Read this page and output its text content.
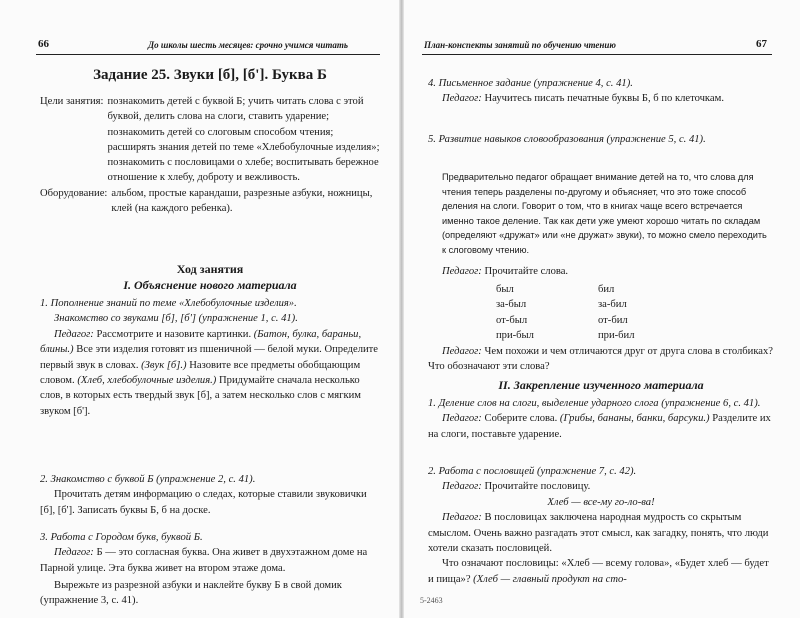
66	До школы шесть месяцев: срочно учимся читать
Задание 25. Звуки [б], [б']. Буква Б
Цели занятия: познакомить детей с буквой Б; учить читать слова с этой буквой, делить слова на слоги, ставить ударение; познакомить детей со слоговым способом чтения; расширять знания детей по теме «Хлебобулочные изделия»; познакомить с пословицами о хлебе; воспитывать бережное отношение к хлебу, доброту и вежливость.
Оборудование: альбом, простые карандаши, разрезные азбуки, ножницы, клей (на каждого ребенка).
Ход занятия
I. Объяснение нового материала
1. Пополнение знаний по теме «Хлебобулочные изделия».
Знакомство со звуками [б], [б'] (упражнение 1, с. 41).
Педагог: Рассмотрите и назовите картинки. (Батон, булка, бараньи, блины.) Все эти изделия готовят из пшеничной — белой муки. Определите первый звук в словах. (Звук [б].) Назовите все предметы обобщающим словом. (Хлеб, хлебобулочные изделия.) Придумайте сначала несколько слов, в которых есть твердый звук [б], а затем несколько слов с мягким звуком [б'].
2. Знакомство с буквой Б (упражнение 2, с. 41).
Прочитать детям информацию о следах, которые ставили звуковички [б], [б']. Записать буквы Б, б на доске.
3. Работа с Городом букв, буквой Б.
Педагог: Б — это согласная буква. Она живет в двухэтажном доме на Парной улице. Эта буква живет на втором этаже дома.
Вырежьте из разрезной азбуки и наклейте букву Б в свой домик (упражнение 3, с. 41).
План-конспекты занятий по обучению чтению	67
4. Письменное задание (упражнение 4, с. 41).
Педагог: Научитесь писать печатные буквы Б, б по клеточкам.
5. Развитие навыков словообразования (упражнение 5, с. 41).
Предварительно педагог обращает внимание детей на то, что слова для чтения теперь разделены по-другому и объясняет, что это тоже способ деления на слоги. Говорит о том, что в книгах чаще всего встречается именно такое деление. Так как дети уже умеют хорошо читать по складам (определяют «дружат» или «не дружат» звуки), то можно смело переходить к слоговому чтению.
Педагог: Прочитайте слова.
был	бил
за-был	за-бил
от-был	от-бил
при-был	при-бил
Педагог: Чем похожи и чем отличаются друг от друга слова в столбиках? Что обозначают эти слова?
II. Закрепление изученного материала
1. Деление слов на слоги, выделение ударного слога (упражнение 6, с. 41).
Педагог: Соберите слова. (Грибы, бананы, банки, барсуки.) Разделите их на слоги, поставьте ударение.
2. Работа с пословицей (упражнение 7, с. 42).
Педагог: Прочитайте пословицу.
Хлеб — все-му го-ло-ва!
Педагог: В пословицах заключена народная мудрость со скрытым смыслом. Очень важно разгадать этот смысл, как загадку, понять, что люди хотели сказать пословицей.
Что означают пословицы: «Хлеб — всему голова», «Будет хлеб — будет и пища»? (Хлеб — главный продукт на сто-
5-2463
